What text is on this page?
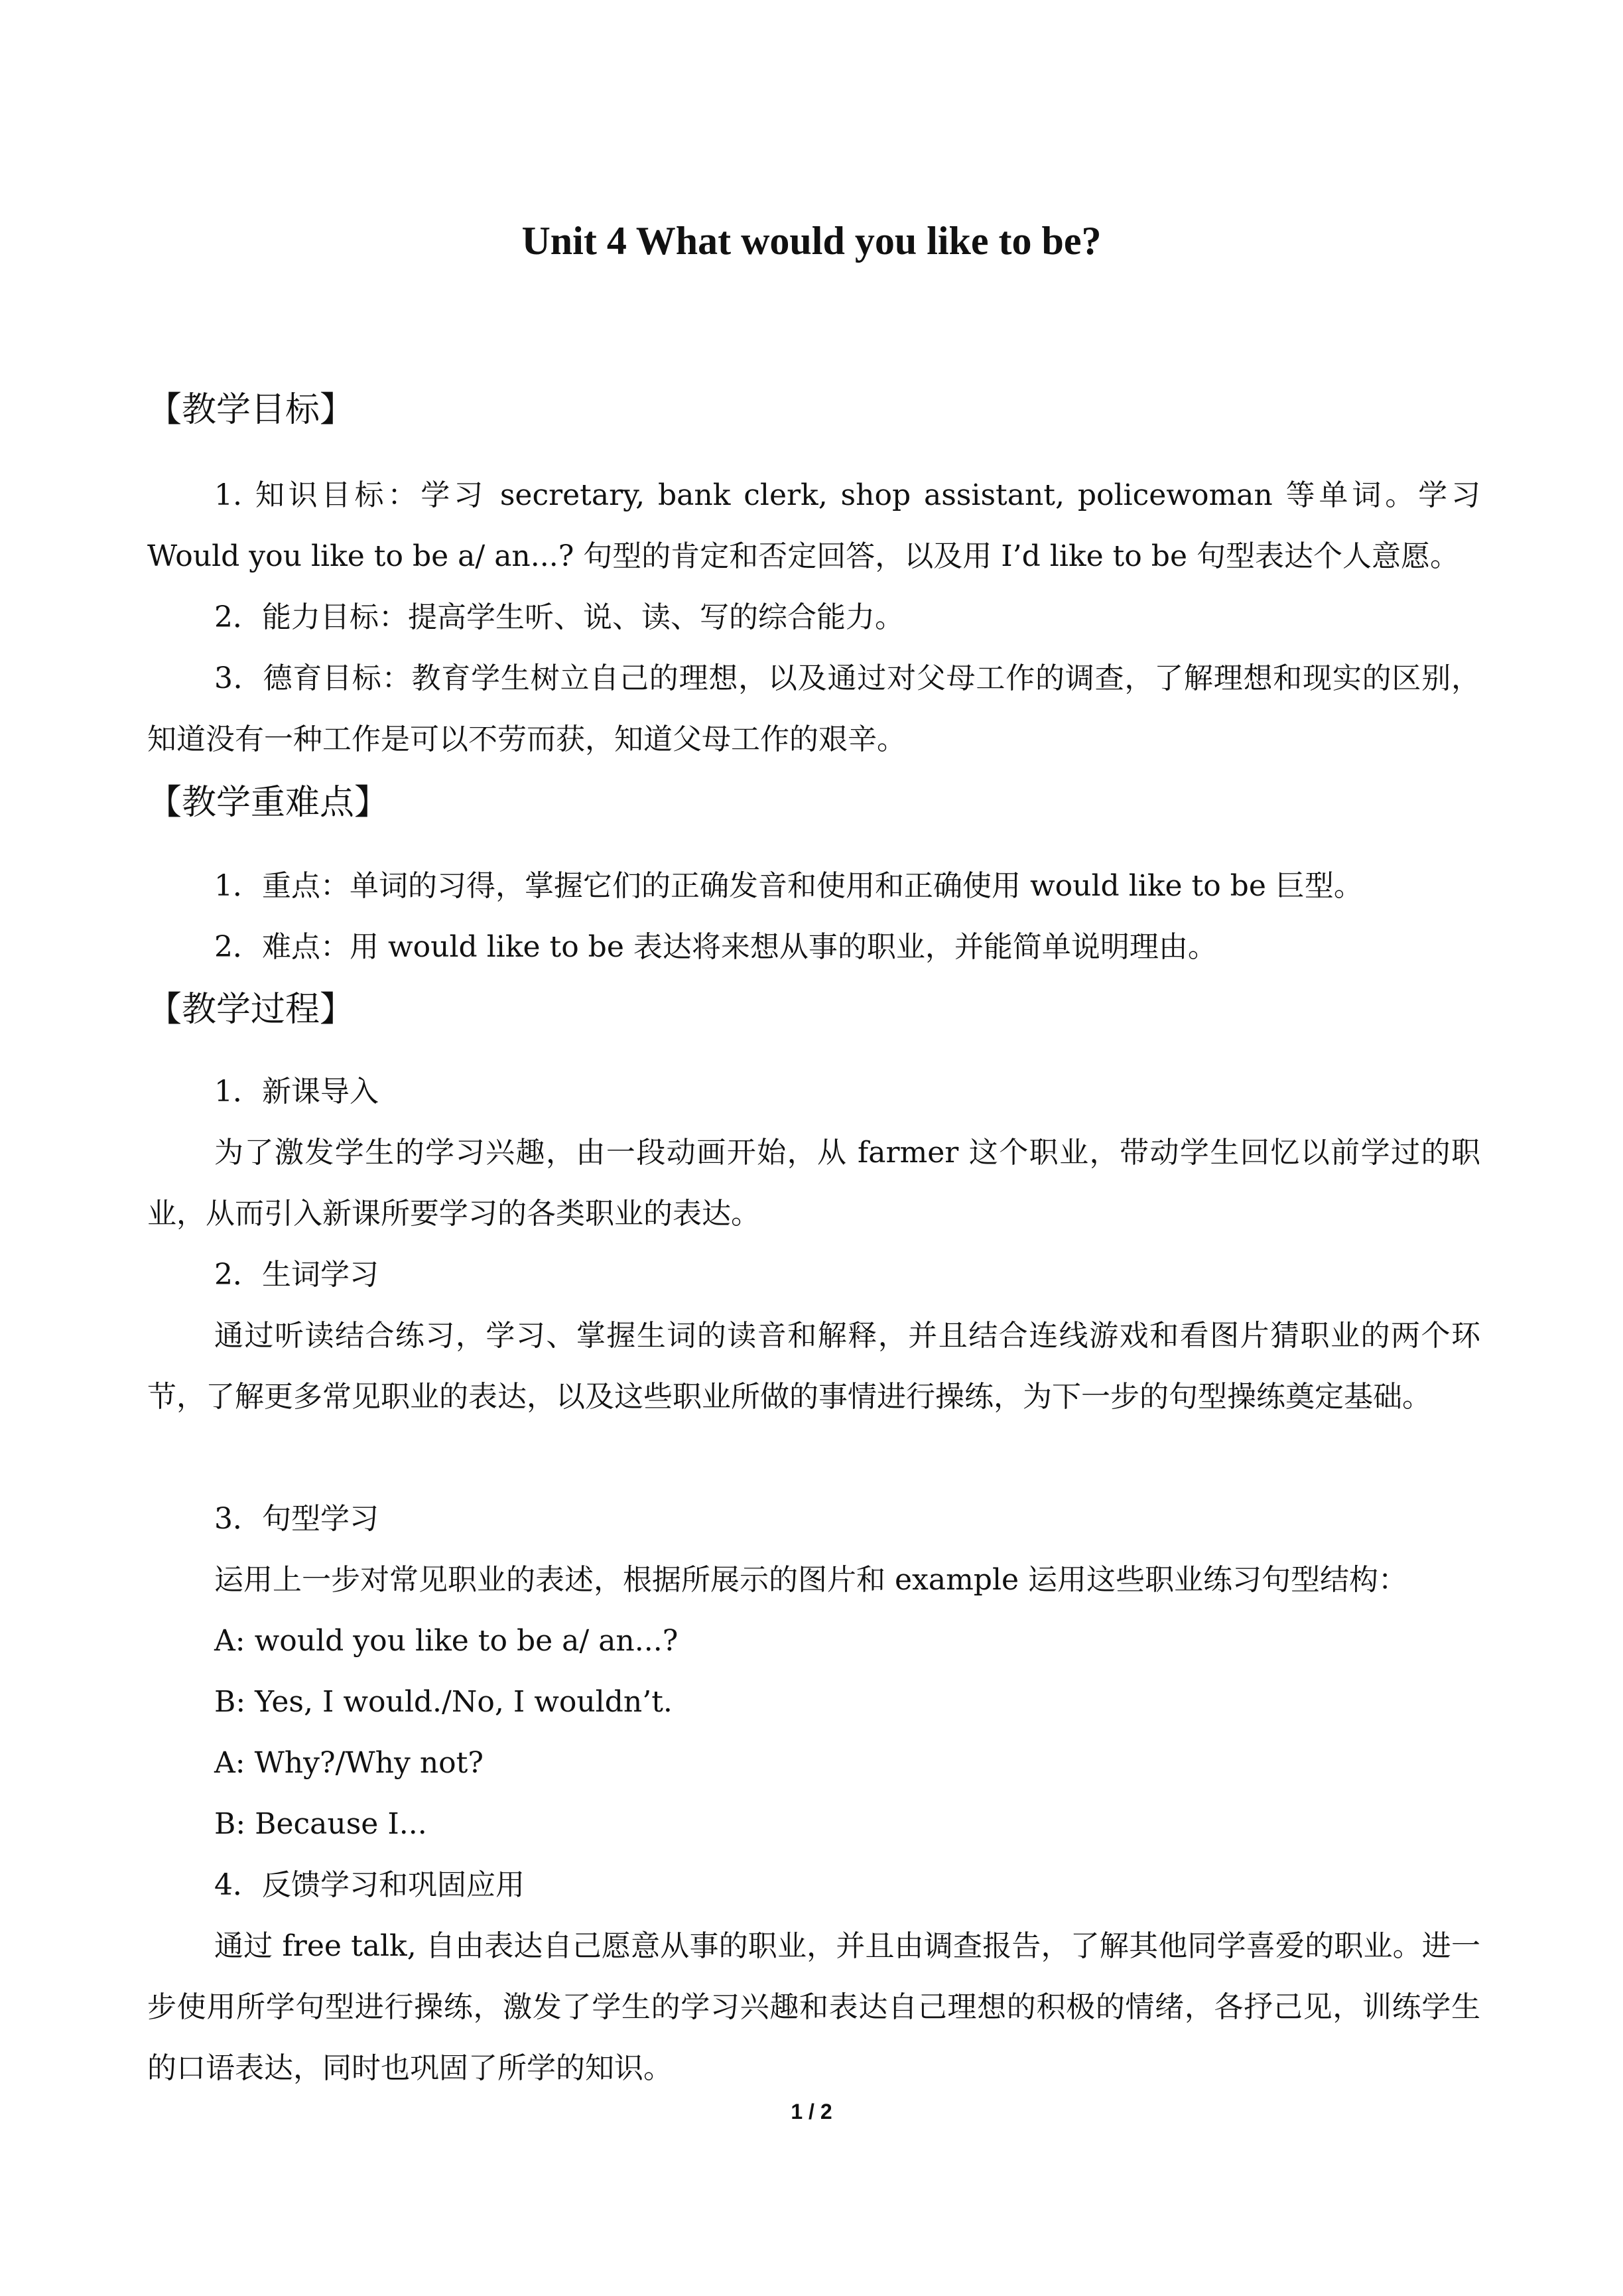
Unit 4 What would you like to be?
【教学目标】

1. 知识目标：学习 secretary, bank clerk, shop assistant, policewoman 等单词。学习 Would you like to be a/ an...? 句型的肯定和否定回答，以及用 I’d like to be 句型表达个人意愿。

2．能力目标：提高学生听、说、读、写的综合能力。

3．德育目标：教育学生树立自己的理想，以及通过对父母工作的调查，了解理想和现实的区别，知道没有一种工作是可以不劳而获，知道父母工作的艰辛。

【教学重难点】

1．重点：单词的习得，掌握它们的正确发音和使用和正确使用 would like to be 巨型。

2．难点：用 would like to be 表达将来想从事的职业，并能简单说明理由。

【教学过程】
1．新课导入

为了激发学生的学习兴趣，由一段动画开始，从 farmer 这个职业，带动学生回忆以前学过的职业，从而引入新课所要学习的各类职业的表达。

2．生词学习

通过听读结合练习，学习、掌握生词的读音和解释，并且结合连线游戏和看图片猜职业的两个环节，了解更多常见职业的表达，以及这些职业所做的事情进行操练，为下一步的句型操练奠定基础。

3．句型学习

运用上一步对常见职业的表述，根据所展示的图片和 example 运用这些职业练习句型结构：

A: would you like to be a/ an...?
B: Yes, I would./No, I wouldn’t.
A: Why?/Why not?
B: Because I...
4．反馈学习和巩固应用

通过 free talk, 自由表达自己愿意从事的职业，并且由调查报告，了解其他同学喜爱的职业。进一步使用所学句型进行操练，激发了学生的学习兴趣和表达自己理想的积极的情绪，各抒己见，训练学生的口语表达，同时也巩固了所学的知识。

1 / 2
